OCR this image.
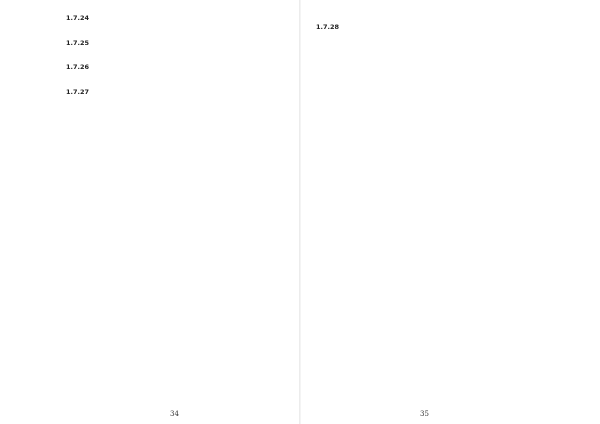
1.7.24

1.7.25

1.7.26

1.7.27

1.7.28

34	35
